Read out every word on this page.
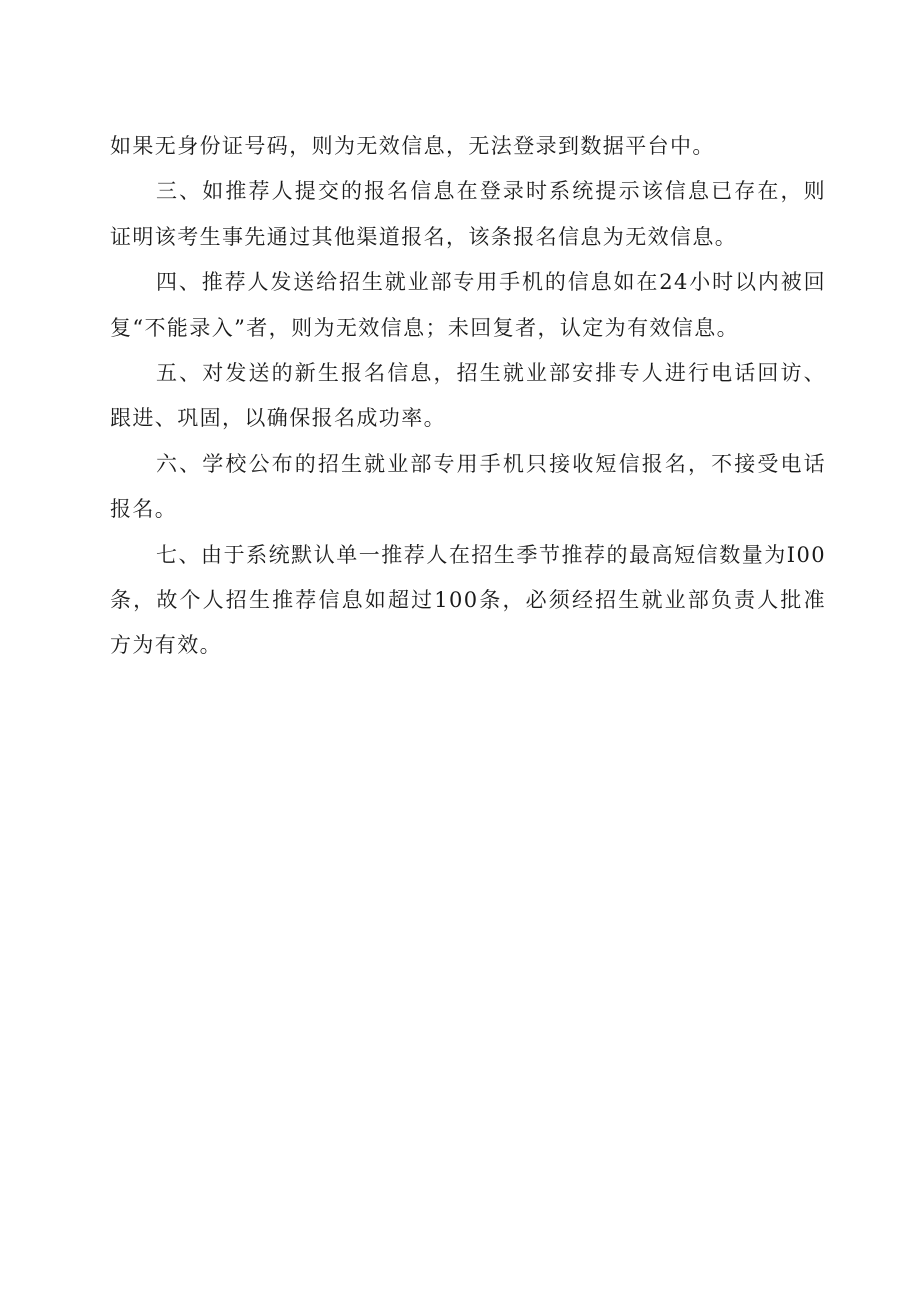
如果无身份证号码，则为无效信息，无法登录到数据平台中。

三、如推荐人提交的报名信息在登录时系统提示该信息已存在，则证明该考生事先通过其他渠道报名，该条报名信息为无效信息。

四、推荐人发送给招生就业部专用手机的信息如在24小时以内被回复“不能录入”者，则为无效信息；未回复者，认定为有效信息。

五、对发送的新生报名信息，招生就业部安排专人进行电话回访、跟进、巩固，以确保报名成功率。

六、学校公布的招生就业部专用手机只接收短信报名，不接受电话报名。

七、由于系统默认单一推荐人在招生季节推荐的最高短信数量为I00条，故个人招生推荐信息如超过100条，必须经招生就业部负责人批准方为有效。
